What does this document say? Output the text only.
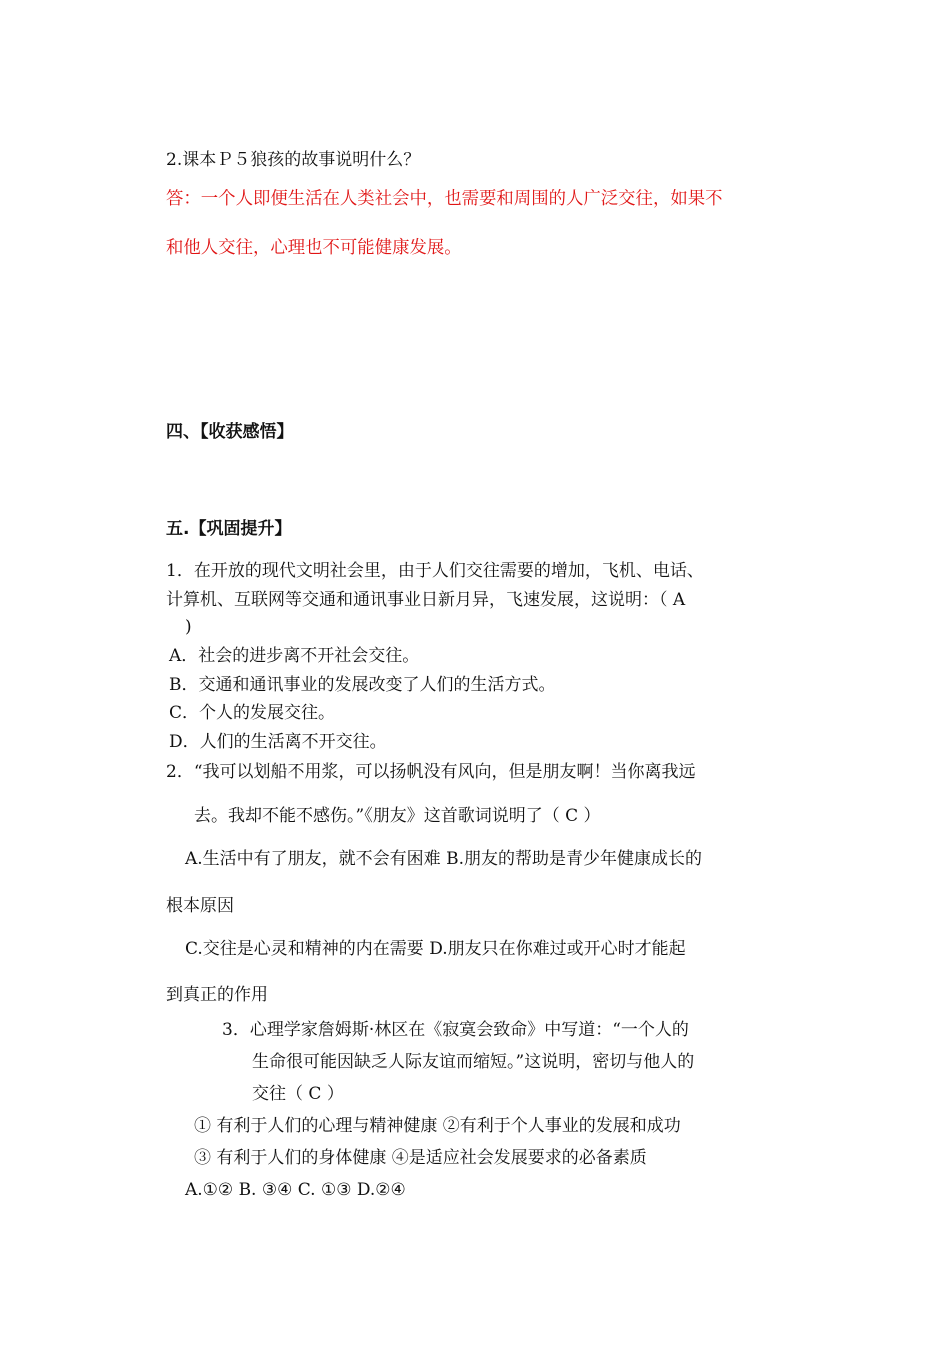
2.课本Ｐ５狼孩的故事说明什么？
答：一个人即便生活在人类社会中，也需要和周围的人广泛交往，如果不
和他人交往，心理也不可能健康发展。
四、【收获感悟】
五.【巩固提升】
1．在开放的现代文明社会里，由于人们交往需要的增加，飞机、电话、
计算机、互联网等交通和通讯事业日新月异，飞速发展，这说明：（ A
)
A．社会的进步离不开社会交往。
B．交通和通讯事业的发展改变了人们的生活方式。
C．个人的发展交往。
D．人们的生活离不开交往。
2．“我可以划船不用浆，可以扬帆没有风向，但是朋友啊！当你离我远
去。我却不能不感伤。”《朋友》这首歌词说明了（ C ）
A.生活中有了朋友，就不会有困难 B.朋友的帮助是青少年健康成长的
根本原因
C.交往是心灵和精神的内在需要 D.朋友只在你难过或开心时才能起
到真正的作用
3．心理学家詹姆斯·林区在《寂寞会致命》中写道：“一个人的
生命很可能因缺乏人际友谊而缩短。”这说明，密切与他人的
交往（ C ）
① 有利于人们的心理与精神健康 ②有利于个人事业的发展和成功
③ 有利于人们的身体健康 ④是适应社会发展要求的必备素质
A.①② B. ③④ C. ①③ D.②④
